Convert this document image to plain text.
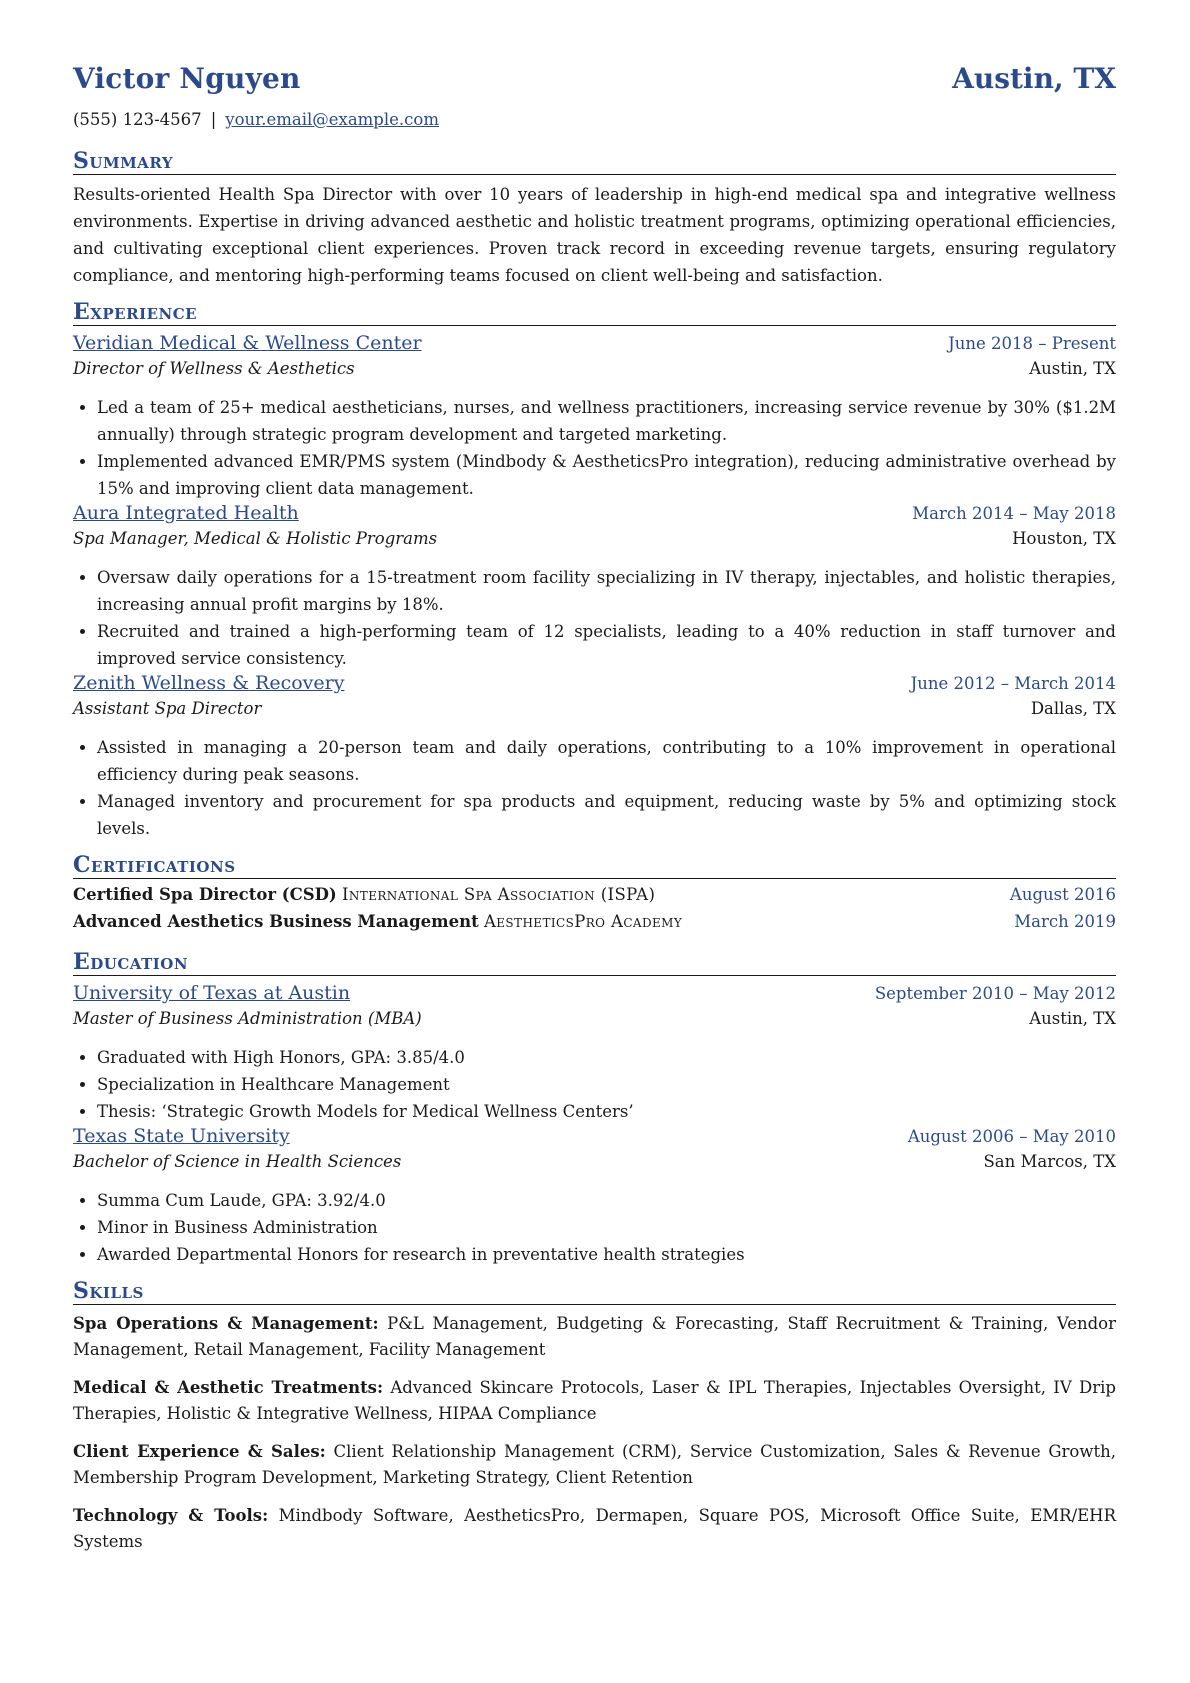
Victor Nguyen	Austin, TX
(555) 123-4567 | your.email@example.com
Summary

Results-oriented Health Spa Director with over 10 years of leadership in high-end medical spa and integrative wellness environments. Expertise in driving advanced aesthetic and holistic treatment programs, optimizing operational efficiencies, and cultivating exceptional client experiences. Proven track record in exceeding revenue targets, ensuring regulatory compliance, and mentoring high-performing teams focused on client well-being and satisfaction.

Experience
Veridian Medical & Wellness Center	June 2018 – Present
Director of Wellness & Aesthetics	Austin, TX
• Led a team of 25+ medical aestheticians, nurses, and wellness practitioners, increasing service revenue by 30% ($1.2M annually) through strategic program development and targeted marketing.
• Implemented advanced EMR/PMS system (Mindbody & AestheticsPro integration), reducing administrative overhead by 15% and improving client data management.
Aura Integrated Health	March 2014 – May 2018
Spa Manager, Medical & Holistic Programs	Houston, TX
• Oversaw daily operations for a 15-treatment room facility specializing in IV therapy, injectables, and holistic therapies, increasing annual profit margins by 18%.
• Recruited and trained a high-performing team of 12 specialists, leading to a 40% reduction in staff turnover and improved service consistency.
Zenith Wellness & Recovery	June 2012 – March 2014
Assistant Spa Director	Dallas, TX
• Assisted in managing a 20-person team and daily operations, contributing to a 10% improvement in operational efficiency during peak seasons.
• Managed inventory and procurement for spa products and equipment, reducing waste by 5% and optimizing stock levels.
Certifications
Certified Spa Director (CSD) International Spa Association (ISPA)	August 2016
Advanced Aesthetics Business Management AestheticsPro Academy	March 2019
Education
University of Texas at Austin	September 2010 – May 2012
Master of Business Administration (MBA)	Austin, TX
• Graduated with High Honors, GPA: 3.85/4.0
• Specialization in Healthcare Management
• Thesis: ‘Strategic Growth Models for Medical Wellness Centers’
Texas State University	August 2006 – May 2010
Bachelor of Science in Health Sciences	San Marcos, TX
• Summa Cum Laude, GPA: 3.92/4.0
• Minor in Business Administration
• Awarded Departmental Honors for research in preventative health strategies
Skills

Spa Operations & Management: P&L Management, Budgeting & Forecasting, Staff Recruitment & Training, Vendor Management, Retail Management, Facility Management

Medical & Aesthetic Treatments: Advanced Skincare Protocols, Laser & IPL Therapies, Injectables Oversight, IV Drip Therapies, Holistic & Integrative Wellness, HIPAA Compliance

Client Experience & Sales: Client Relationship Management (CRM), Service Customization, Sales & Revenue Growth, Membership Program Development, Marketing Strategy, Client Retention

Technology & Tools: Mindbody Software, AestheticsPro, Dermapen, Square POS, Microsoft Office Suite, EMR/EHR Systems
